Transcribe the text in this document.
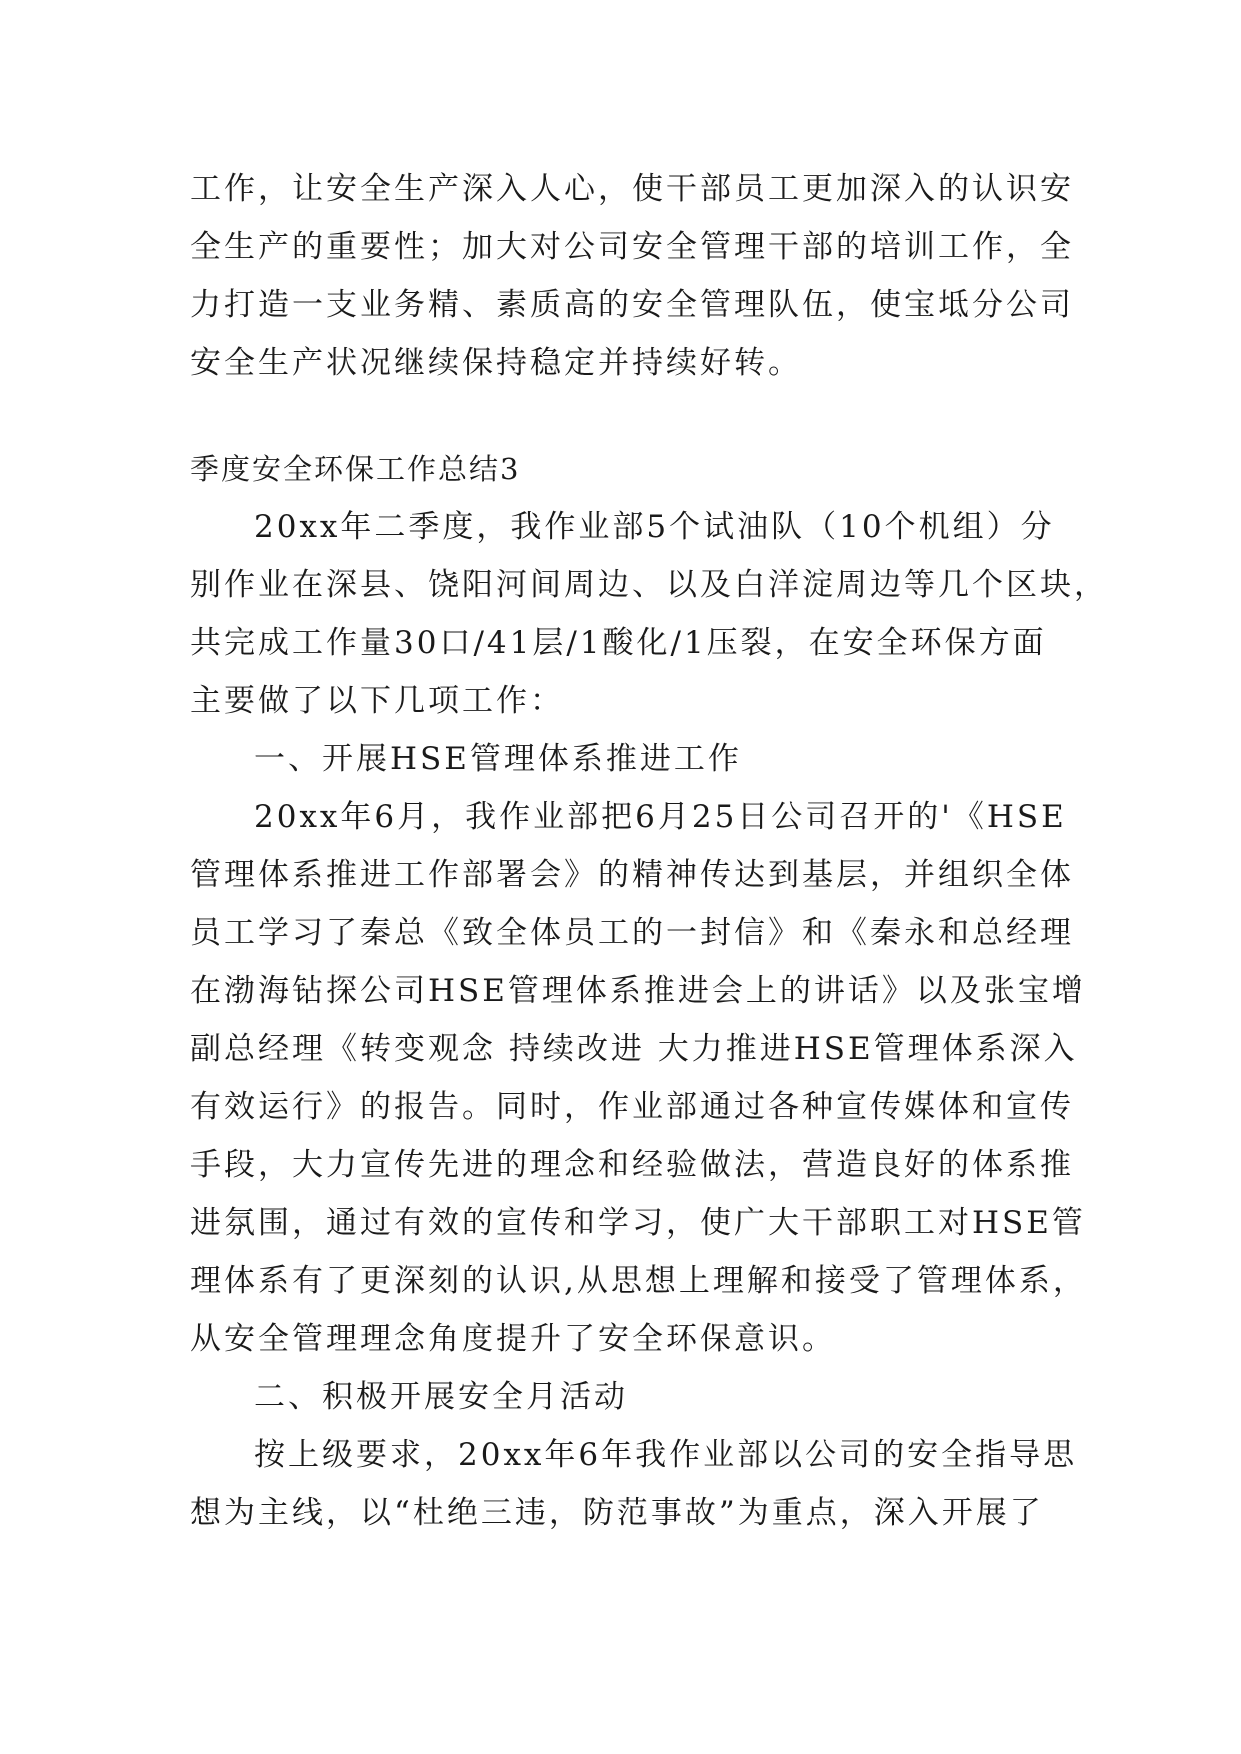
工作，让安全生产深入人心，使干部员工更加深入的认识安
全生产的重要性；加大对公司安全管理干部的培训工作，全
力打造一支业务精、素质高的安全管理队伍，使宝坻分公司
安全生产状况继续保持稳定并持续好转。
季度安全环保工作总结3
20xx年二季度，我作业部5个试油队（10个机组）分
别作业在深县、饶阳河间周边、以及白洋淀周边等几个区块，
共完成工作量30口/41层/1酸化/1压裂，在安全环保方面
主要做了以下几项工作：
一、开展HSE管理体系推进工作
20xx年6月，我作业部把6月25日公司召开的'《HSE
管理体系推进工作部署会》的精神传达到基层，并组织全体
员工学习了秦总《致全体员工的一封信》和《秦永和总经理
在渤海钻探公司HSE管理体系推进会上的讲话》以及张宝增
副总经理《转变观念 持续改进 大力推进HSE管理体系深入
有效运行》的报告。同时，作业部通过各种宣传媒体和宣传
手段，大力宣传先进的理念和经验做法，营造良好的体系推
进氛围，通过有效的宣传和学习，使广大干部职工对HSE管
理体系有了更深刻的认识,从思想上理解和接受了管理体系，
从安全管理理念角度提升了安全环保意识。
二、积极开展安全月活动
按上级要求，20xx年6年我作业部以公司的安全指导思
想为主线，以“杜绝三违，防范事故”为重点，深入开展了
